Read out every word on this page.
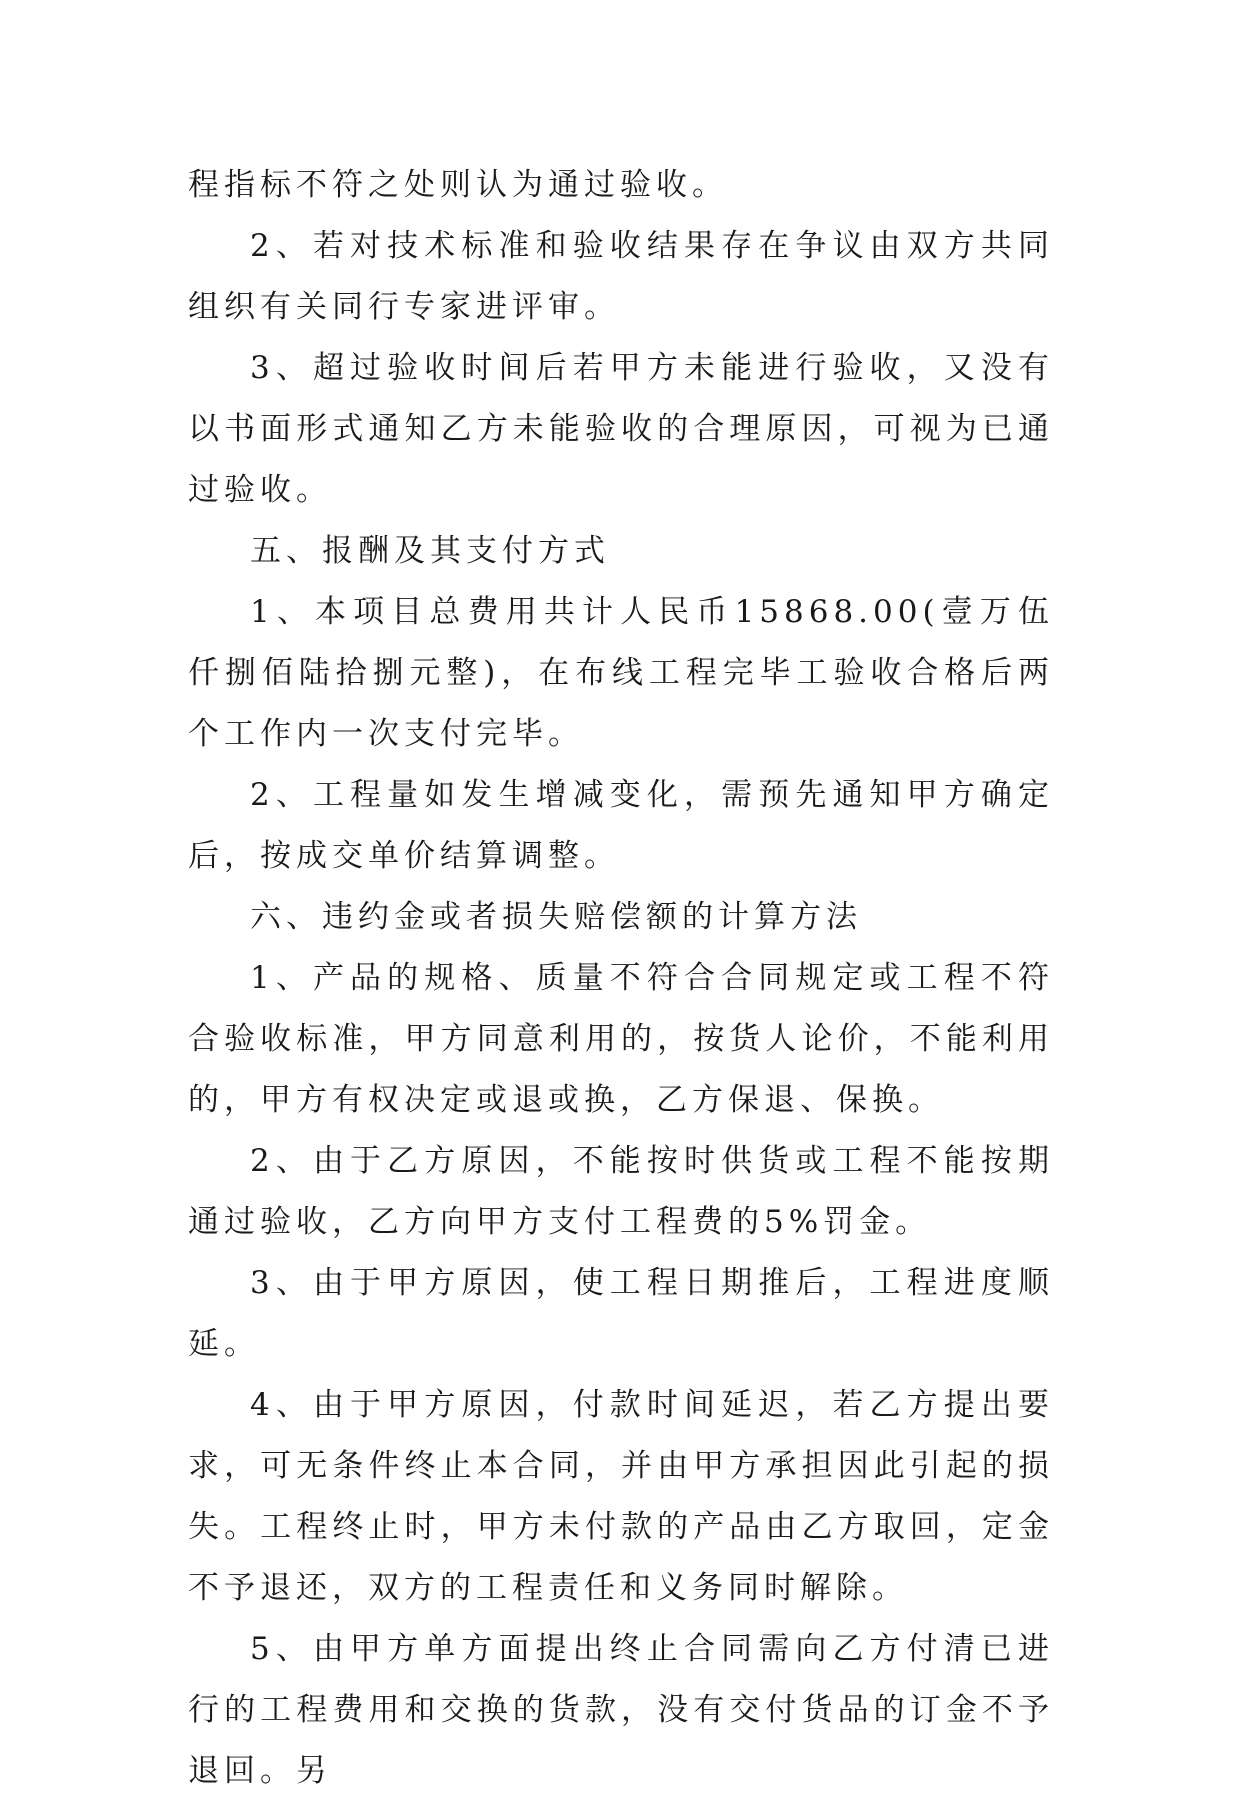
程指标不符之处则认为通过验收。

2、若对技术标准和验收结果存在争议由双方共同组织有关同行专家进评审。

3、超过验收时间后若甲方未能进行验收，又没有以书面形式通知乙方未能验收的合理原因，可视为已通过验收。

五、报酬及其支付方式

1、本项目总费用共计人民币15868.00(壹万伍仟捌佰陆拾捌元整)，在布线工程完毕工验收合格后两个工作内一次支付完毕。

2、工程量如发生增减变化，需预先通知甲方确定后，按成交单价结算调整。

六、违约金或者损失赔偿额的计算方法

1、产品的规格、质量不符合合同规定或工程不符合验收标准，甲方同意利用的，按货人论价，不能利用的，甲方有权决定或退或换，乙方保退、保换。

2、由于乙方原因，不能按时供货或工程不能按期通过验收，乙方向甲方支付工程费的5%罚金。

3、由于甲方原因，使工程日期推后，工程进度顺延。

4、由于甲方原因，付款时间延迟，若乙方提出要求，可无条件终止本合同，并由甲方承担因此引起的损失。工程终止时，甲方未付款的产品由乙方取回，定金不予退还，双方的工程责任和义务同时解除。

5、由甲方单方面提出终止合同需向乙方付清已进行的工程费用和交换的货款，没有交付货品的订金不予退回。另
